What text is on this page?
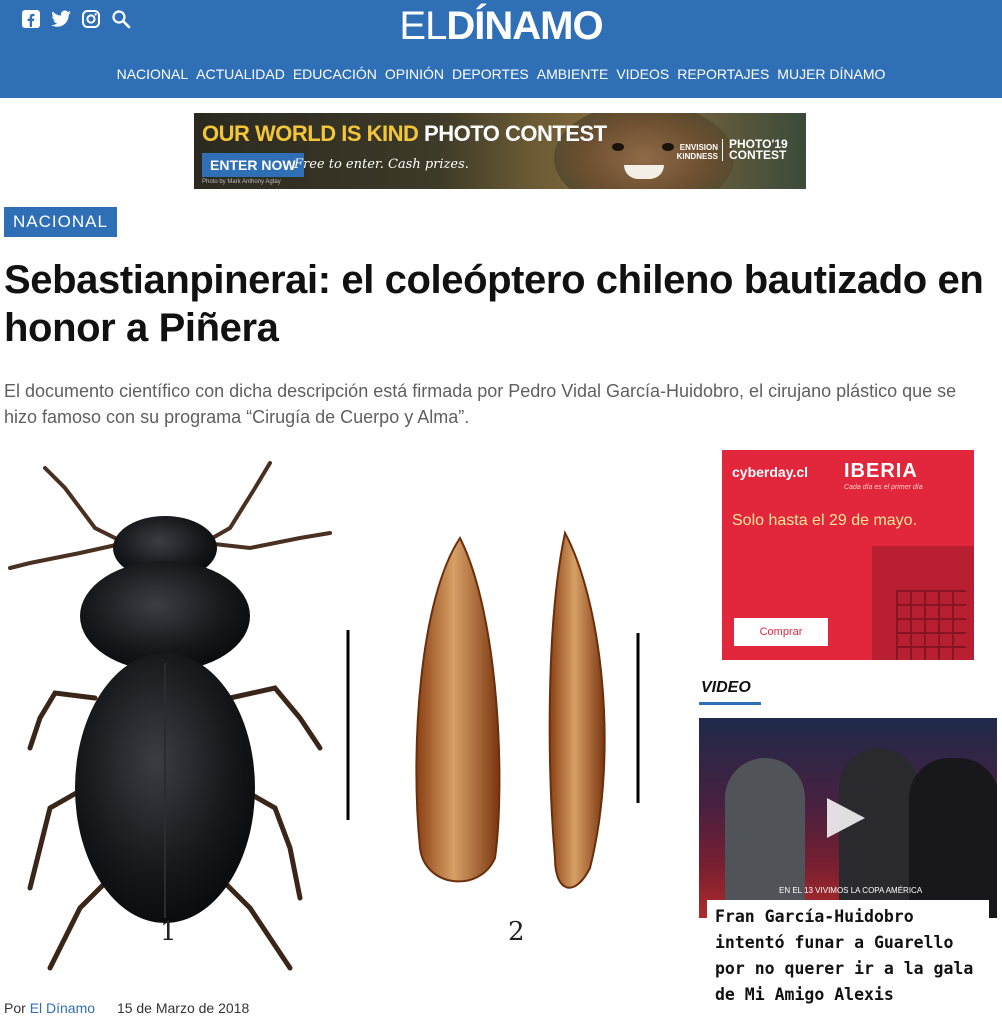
ELDÍNAMO
NACIONAL ACTUALIDAD EDUCACIÓN OPINIÓN DEPORTES AMBIENTE VIDEOS REPORTAJES MUJER DÍNAMO
OUR WORLD IS KIND PHOTO CONTEST
ENTER NOW
Free to enter. Cash prizes.
Photo by Mark Anthony Agtay
ENVISION KINDNESS
PHOTO'19 CONTEST
NACIONAL
Sebastianpinerai: el coleóptero chileno bautizado en honor a Piñera

El documento científico con dicha descripción está firmada por Pedro Vidal García-Huidobro, el cirujano plástico que se hizo famoso con su programa “Cirugía de Cuerpo y Alma”.

1	2
Por El Dínamo 15 de Marzo de 2018
cyberday.cl IBERIA
Cada día es el primer día
Solo hasta el 29 de mayo.
Comprar
VIDEO
EN EL 13 VIVIMOS LA COPA AMÉRICA
Fran García-Huidobro intentó funar a Guarello por no querer ir a la gala de Mi Amigo Alexis
